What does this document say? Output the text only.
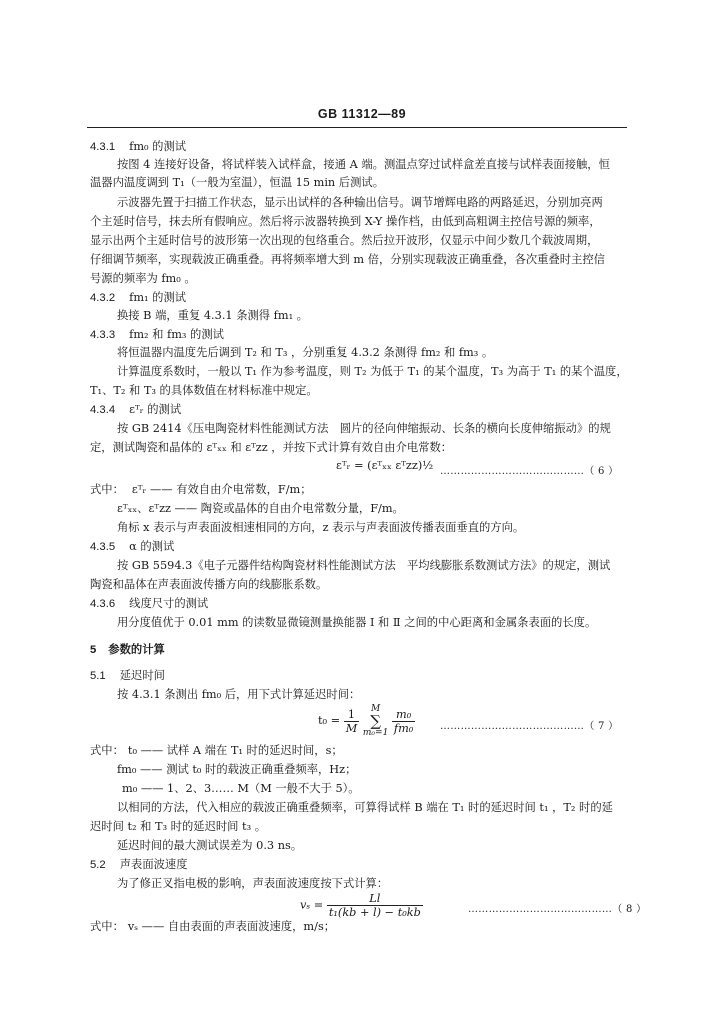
GB 11312—89
4.3.1 fm₀ 的测试
按图 4 连接好设备，将试样装入试样盒，接通 A 端。测温点穿过试样盒差直接与试样表面接触，恒
温器内温度调到 T₁（一般为室温），恒温 15 min 后测试。
示波器先置于扫描工作状态，显示出试样的各种输出信号。调节增辉电路的两路延迟，分别加亮两
个主延时信号，抹去所有假响应。然后将示波器转换到 X-Y 操作档，由低到高粗调主控信号源的频率，
显示出两个主延时信号的波形第一次出现的包络重合。然后拉开波形，仅显示中间少数几个载波周期，
仔细调节频率，实现载波正确重叠。再将频率增大到 m 倍，分别实现载波正确重叠，各次重叠时主控信
号源的频率为 fm₀ 。
4.3.2 fm₁ 的测试
换接 B 端，重复 4.3.1 条测得 fm₁ 。
4.3.3 fm₂ 和 fm₃ 的测试
将恒温器内温度先后调到 T₂ 和 T₃ ，分别重复 4.3.2 条测得 fm₂ 和 fm₃ 。
计算温度系数时，一般以 T₁ 作为参考温度，则 T₂ 为低于 T₁ 的某个温度，T₃ 为高于 T₁ 的某个温度，
T₁、T₂ 和 T₃ 的具体数值在材料标准中规定。
4.3.4 εᵀᵣ 的测试
按 GB 2414《压电陶瓷材料性能测试方法　圆片的径向伸缩振动、长条的横向长度伸缩振动》的规
定，测试陶瓷和晶体的 εᵀₓₓ 和 εᵀzz ，并按下式计算有效自由介电常数：
εᵀᵣ = (εᵀₓₓ εᵀzz)½ ……………………………………（ 6 ）
式中： εᵀᵣ —— 有效自由介电常数，F/m；
εᵀₓₓ、εᵀzz —— 陶瓷或晶体的自由介电常数分量，F/m。
角标 x 表示与声表面波相速相同的方向，z 表示与声表面波传播表面垂直的方向。
4.3.5 α 的测试
按 GB 5594.3《电子元器件结构陶瓷材料性能测试方法　平均线膨胀系数测试方法》的规定，测试
陶瓷和晶体在声表面波传播方向的线膨胀系数。
4.3.6 线度尺寸的测试
用分度值优于 0.01 mm 的读数显微镜测量换能器 Ⅰ 和 Ⅱ 之间的中心距离和金属条表面的长度。
5 参数的计算
5.1 延迟时间
按 4.3.1 条测出 fm₀ 后，用下式计算延迟时间：
$t_0 = \frac{1}{M}$
	M
∑
m₀=1
$\frac{\text{m₀}}{\text{fm₀}}$ ……………………………………（ 7 ）
式中： t₀ —— 试样 A 端在 T₁ 时的延迟时间，s；
fm₀ —— 测试 t₀ 时的载波正确重叠频率，Hz；
m₀ —— 1、2、3…… M（M 一般不大于 5）。
以相同的方法，代入相应的载波正确重叠频率，可算得试样 B 端在 T₁ 时的延迟时间 t₁ ，T₂ 时的延
迟时间 t₂ 和 T₃ 时的延迟时间 t₃ 。
延迟时间的最大测试误差为 0.3 ns。
5.2 声表面波速度
为了修正叉指电极的影响，声表面波速度按下式计算：
$v_s = \frac{Ll}{\text{t₁(kb + l) − t₀kb}}$	……………………………………（ 8 ）
式中： vₛ —— 自由表面的声表面波速度，m/s；
